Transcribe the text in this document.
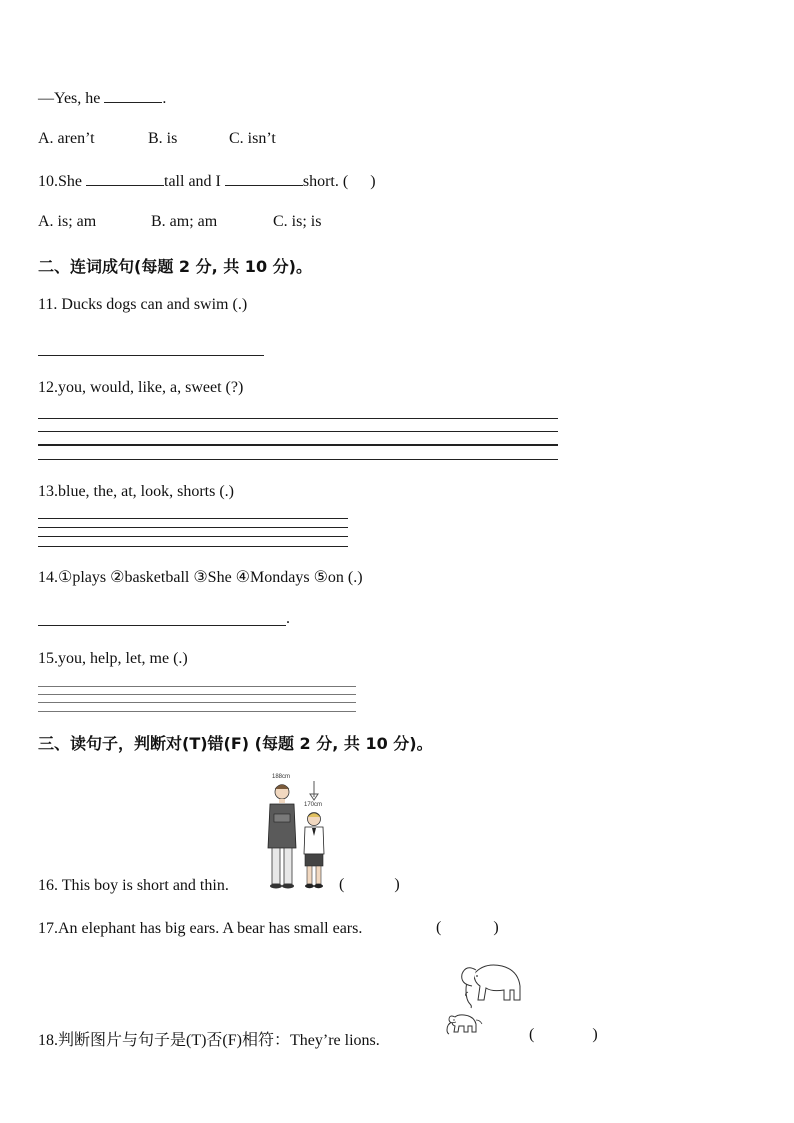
—Yes, he	.
A. aren’t	B. is	C. isn’t
10.She	tall and I	short. ( )
A. is; am	B. am; am	C. is; is
二、连词成句(每题 2 分, 共 10 分)。
11. Ducks dogs can and swim (.)
12.you, would, like, a, sweet (?)
13.blue, the, at, look, shorts (.)
14.①plays ②basketball ③She ④Mondays ⑤on (.)
.
15.you, help, let, me (.)
三、读句子，判断对(T)错(F) (每题 2 分, 共 10 分)。
188cm
170cm
16. This boy is short and thin.	(	)
17.An elephant has big ears. A bear has small ears.	(	)
18.判断图片与句子是(T)否(F)相符：They’re lions.	(	)
